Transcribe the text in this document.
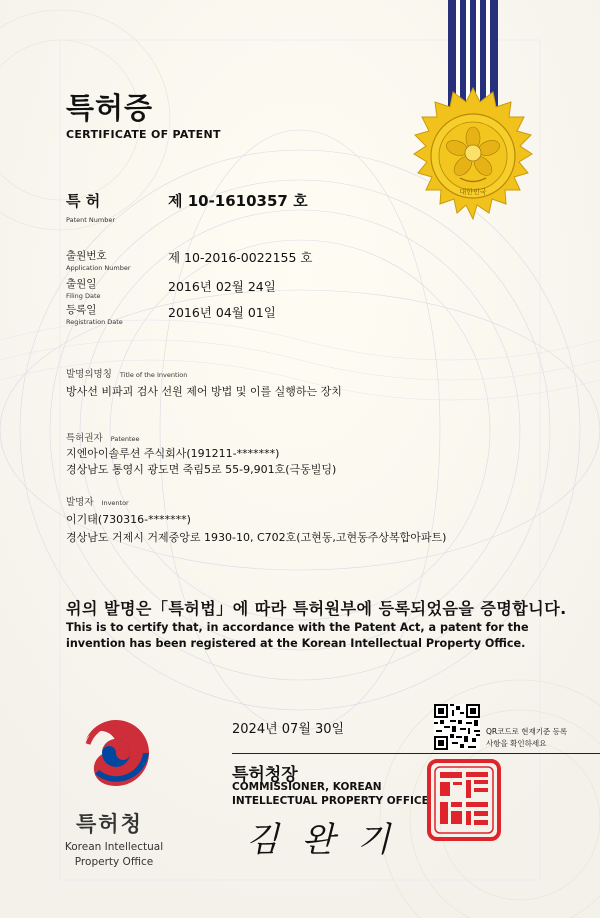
대한민국
특허증
CERTIFICATE OF PATENT
특 허
Patent Number
제 10-1610357 호
출원번호
Application Number
제 10-2016-0022155 호
출원일
Filing Date
2016년 02월 24일
등록일
Registration Date
2016년 04월 01일
발명의명칭 Title of the Invention
방사선 비파괴 검사 선원 제어 방법 및 이를 실행하는 장치
특허권자 Patentee
지엔아이솔루션 주식회사(191211-*******)
경상남도 통영시 광도면 죽림5로 55-9,901호(극동빌딩)
발명자 Inventor
이기태(730316-*******)
경상남도 거제시 거제중앙로 1930-10, C702호(고현동,고현동주상복합아파트)
위의 발명은「특허법」에 따라 특허원부에 등록되었음을 증명합니다.
This is to certify that, in accordance with the Patent Act, a patent for the invention has been registered at the Korean Intellectual Property Office.
특허청
Korean Intellectual Property Office
2024년 07월 30일	QR코드로 현재기준 등록사항을 확인하세요
특허청장
COMMISSIONER, KOREAN INTELLECTUAL PROPERTY OFFICE
김 완 기
